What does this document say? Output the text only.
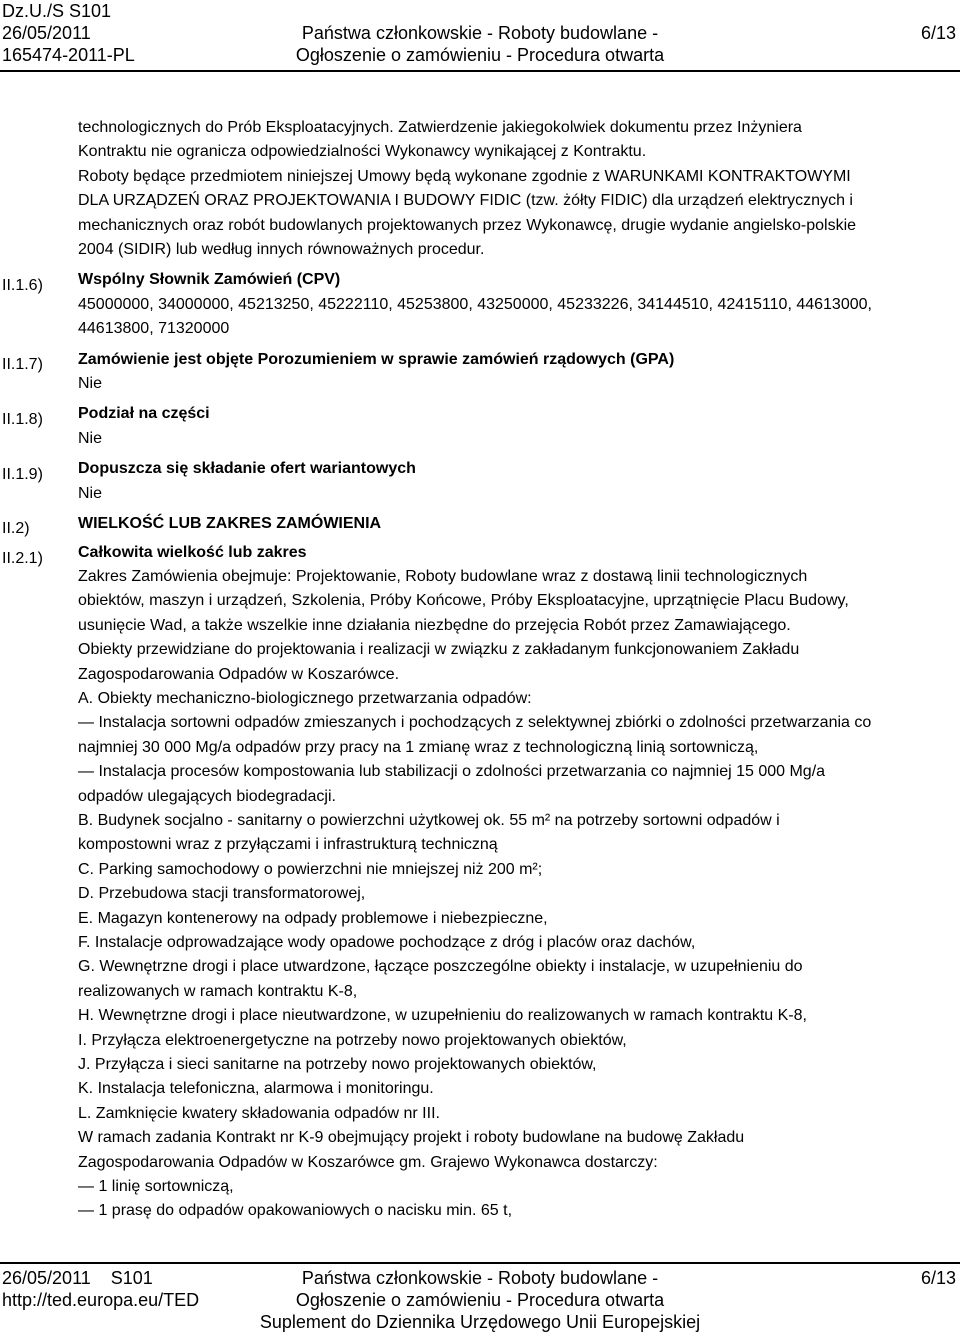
Dz.U./S S101
26/05/2011
165474-2011-PL
Państwa członkowskie - Roboty budowlane -
Ogłoszenie o zamówieniu - Procedura otwarta
6/13
II.1.6)
II.1.7)
II.1.8)
II.1.9)
II.2)
II.2.1)

technologicznych do Prób Eksploatacyjnych. Zatwierdzenie jakiegokolwiek dokumentu przez Inżyniera

Kontraktu nie ogranicza odpowiedzialności Wykonawcy wynikającej z Kontraktu.

Roboty będące przedmiotem niniejszej Umowy będą wykonane zgodnie z WARUNKAMI KONTRAKTOWYMI

DLA URZĄDZEŃ ORAZ PROJEKTOWANIA I BUDOWY FIDIC (tzw. żółty FIDIC) dla urządzeń elektrycznych i

mechanicznych oraz robót budowlanych projektowanych przez Wykonawcę, drugie wydanie angielsko-polskie

2004 (SIDIR) lub według innych równoważnych procedur.

Wspólny Słownik Zamówień (CPV)

45000000, 34000000, 45213250, 45222110, 45253800, 43250000, 45233226, 34144510, 42415110, 44613000,

44613800, 71320000

Zamówienie jest objęte Porozumieniem w sprawie zamówień rządowych (GPA)

Nie

Podział na części

Nie

Dopuszcza się składanie ofert wariantowych

Nie

WIELKOŚĆ LUB ZAKRES ZAMÓWIENIA

Całkowita wielkość lub zakres

Zakres Zamówienia obejmuje: Projektowanie, Roboty budowlane wraz z dostawą linii technologicznych

obiektów, maszyn i urządzeń, Szkolenia, Próby Końcowe, Próby Eksploatacyjne, uprzątnięcie Placu Budowy,

usunięcie Wad, a także wszelkie inne działania niezbędne do przejęcia Robót przez Zamawiającego.

Obiekty przewidziane do projektowania i realizacji w związku z zakładanym funkcjonowaniem Zakładu

Zagospodarowania Odpadów w Koszarówce.

A. Obiekty mechaniczno-biologicznego przetwarzania odpadów:

— Instalacja sortowni odpadów zmieszanych i pochodzących z selektywnej zbiórki o zdolności przetwarzania co

najmniej 30 000 Mg/a odpadów przy pracy na 1 zmianę wraz z technologiczną linią sortowniczą,

— Instalacja procesów kompostowania lub stabilizacji o zdolności przetwarzania co najmniej 15 000 Mg/a

odpadów ulegających biodegradacji.

B. Budynek socjalno - sanitarny o powierzchni użytkowej ok. 55 m² na potrzeby sortowni odpadów i

kompostowni wraz z przyłączami i infrastrukturą techniczną

C. Parking samochodowy o powierzchni nie mniejszej niż 200 m²;

D. Przebudowa stacji transformatorowej,

E. Magazyn kontenerowy na odpady problemowe i niebezpieczne,

F. Instalacje odprowadzające wody opadowe pochodzące z dróg i placów oraz dachów,

G. Wewnętrzne drogi i place utwardzone, łączące poszczególne obiekty i instalacje, w uzupełnieniu do

realizowanych w ramach kontraktu K-8,

H. Wewnętrzne drogi i place nieutwardzone, w uzupełnieniu do realizowanych w ramach kontraktu K-8,

I. Przyłącza elektroenergetyczne na potrzeby nowo projektowanych obiektów,

J. Przyłącza i sieci sanitarne na potrzeby nowo projektowanych obiektów,

K. Instalacja telefoniczna, alarmowa i monitoringu.

L. Zamknięcie kwatery składowania odpadów nr III.

W ramach zadania Kontrakt nr K-9 obejmujący projekt i roboty budowlane na budowę Zakładu

Zagospodarowania Odpadów w Koszarówce gm. Grajewo Wykonawca dostarczy:

— 1 linię sortowniczą,

— 1 prasę do odpadów opakowaniowych o nacisku min. 65 t,

26/05/2011    S101
http://ted.europa.eu/TED
Państwa członkowskie - Roboty budowlane -
Ogłoszenie o zamówieniu - Procedura otwarta
Suplement do Dziennika Urzędowego Unii Europejskiej
6/13
